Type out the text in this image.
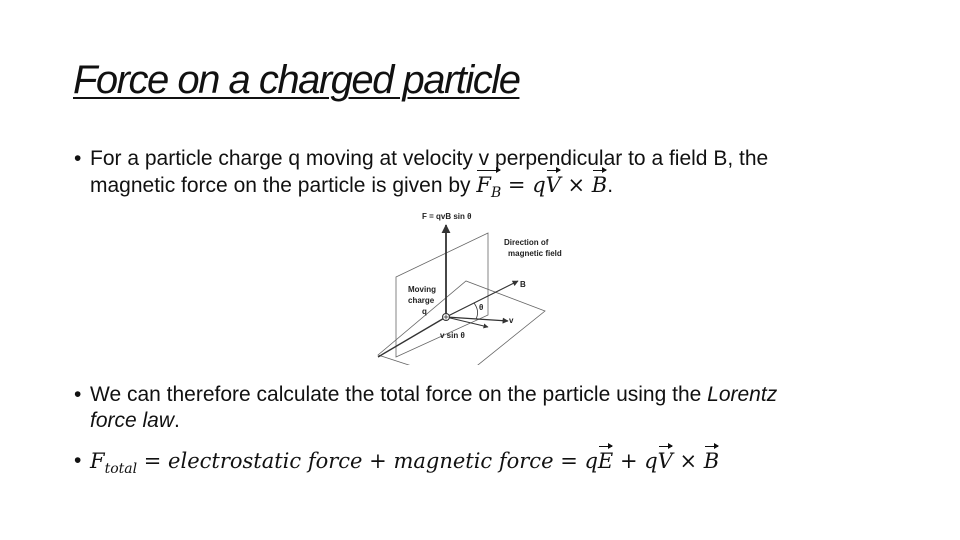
Force on a charged particle
• For a particle charge q moving at velocity v perpendicular to a field B, the
magnetic force on the particle is given by $F_B$ = qV × B.
F = qvB sin θ
Direction of
magnetic field
B
Moving
charge
q	θ
v
v sin θ
• We can therefore calculate the total force on the particle using the Lorentz
force law.
• $F_{total}$ = electrostatic force + magnetic force = qE + qV × B
